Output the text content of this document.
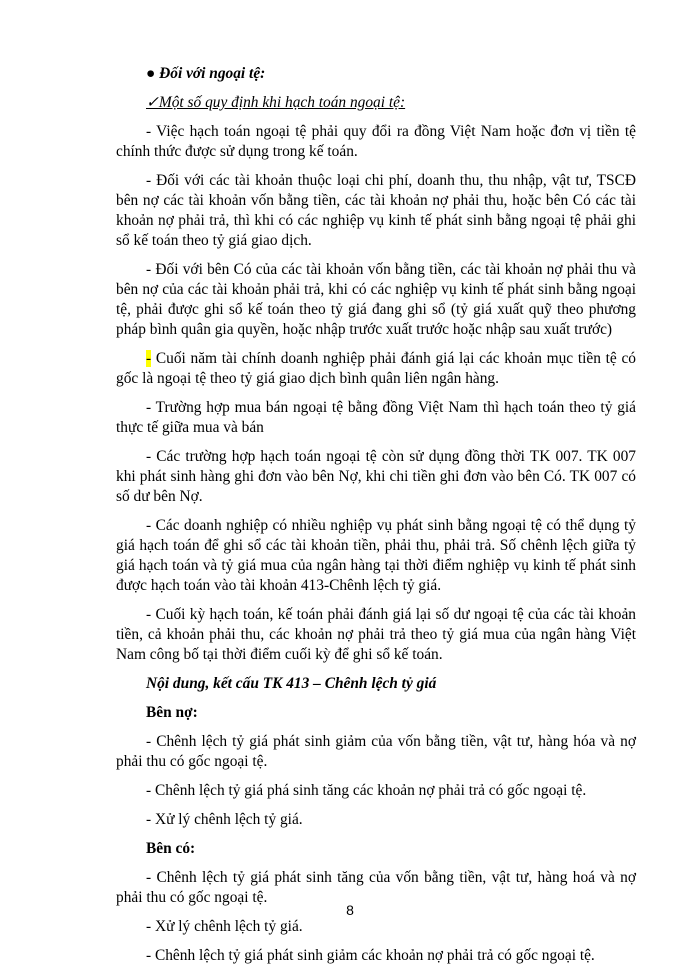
● Đối với ngoại tệ:

✓Một số quy định khi hạch toán ngoại tệ:

- Việc hạch toán ngoại tệ phải quy đổi ra đồng Việt Nam hoặc đơn vị tiền tệ chính thức được sử dụng trong kế toán.

- Đối với các tài khoản thuộc loại chi phí, doanh thu, thu nhập, vật tư, TSCĐ bên nợ các tài khoản vốn bằng tiền, các tài khoản nợ phải thu, hoặc bên Có các tài khoản nợ phải trả, thì khi có các nghiệp vụ kinh tế phát sinh bằng ngoại tệ phải ghi sổ kế toán theo tỷ giá giao dịch.

- Đối với bên Có của các tài khoản vốn bằng tiền, các tài khoản nợ phải thu và bên nợ của các tài khoản phải trả, khi có các nghiệp vụ kinh tế phát sinh bằng ngoại tệ, phải được ghi sổ kế toán theo tỷ giá đang ghi sổ (tỷ giá xuất quỹ theo phương pháp bình quân gia quyền, hoặc nhập trước xuất trước hoặc nhập sau xuất trước)

- Cuối năm tài chính doanh nghiệp phải đánh giá lại các khoản mục tiền tệ có gốc là ngoại tệ theo tỷ giá giao dịch bình quân liên ngân hàng.

- Trường hợp mua bán ngoại tệ bằng đồng Việt Nam thì hạch toán theo tỷ giá thực tế giữa mua và bán

- Các trường hợp hạch toán ngoại tệ còn sử dụng đồng thời TK 007. TK 007 khi phát sinh hàng ghi đơn vào bên Nợ, khi chi tiền ghi đơn vào bên Có. TK 007 có số dư bên Nợ.

- Các doanh nghiệp có nhiều nghiệp vụ phát sinh bằng ngoại tệ có thể dụng tỷ giá hạch toán để ghi sổ các tài khoản tiền, phải thu, phải trả. Số chênh lệch giữa tỷ giá hạch toán và tỷ giá mua của ngân hàng tại thời điểm nghiệp vụ kinh tế phát sinh được hạch toán vào tài khoản 413-Chênh lệch tỷ giá.

- Cuối kỳ hạch toán, kế toán phải đánh giá lại số dư ngoại tệ của các tài khoản tiền, cả khoản phải thu, các khoản nợ phải trả theo tỷ giá mua của ngân hàng Việt Nam công bố tại thời điểm cuối kỳ để ghi sổ kế toán.

Nội dung, kết cấu TK 413 – Chênh lệch tỷ giá

Bên nợ:

- Chênh lệch tỷ giá phát sinh giảm của vốn bằng tiền, vật tư, hàng hóa và nợ phải thu có gốc ngoại tệ.

- Chênh lệch tỷ giá phá sinh tăng các khoản nợ phải trả có gốc ngoại tệ.

- Xử lý chênh lệch tỷ giá.

Bên có:

- Chênh lệch tỷ giá phát sinh tăng của vốn bằng tiền, vật tư, hàng hoá và nợ phải thu có gốc ngoại tệ.

- Xử lý chênh lệch tỷ giá.

- Chênh lệch tỷ giá phát sinh giảm các khoản nợ phải trả có gốc ngoại tệ.

8
